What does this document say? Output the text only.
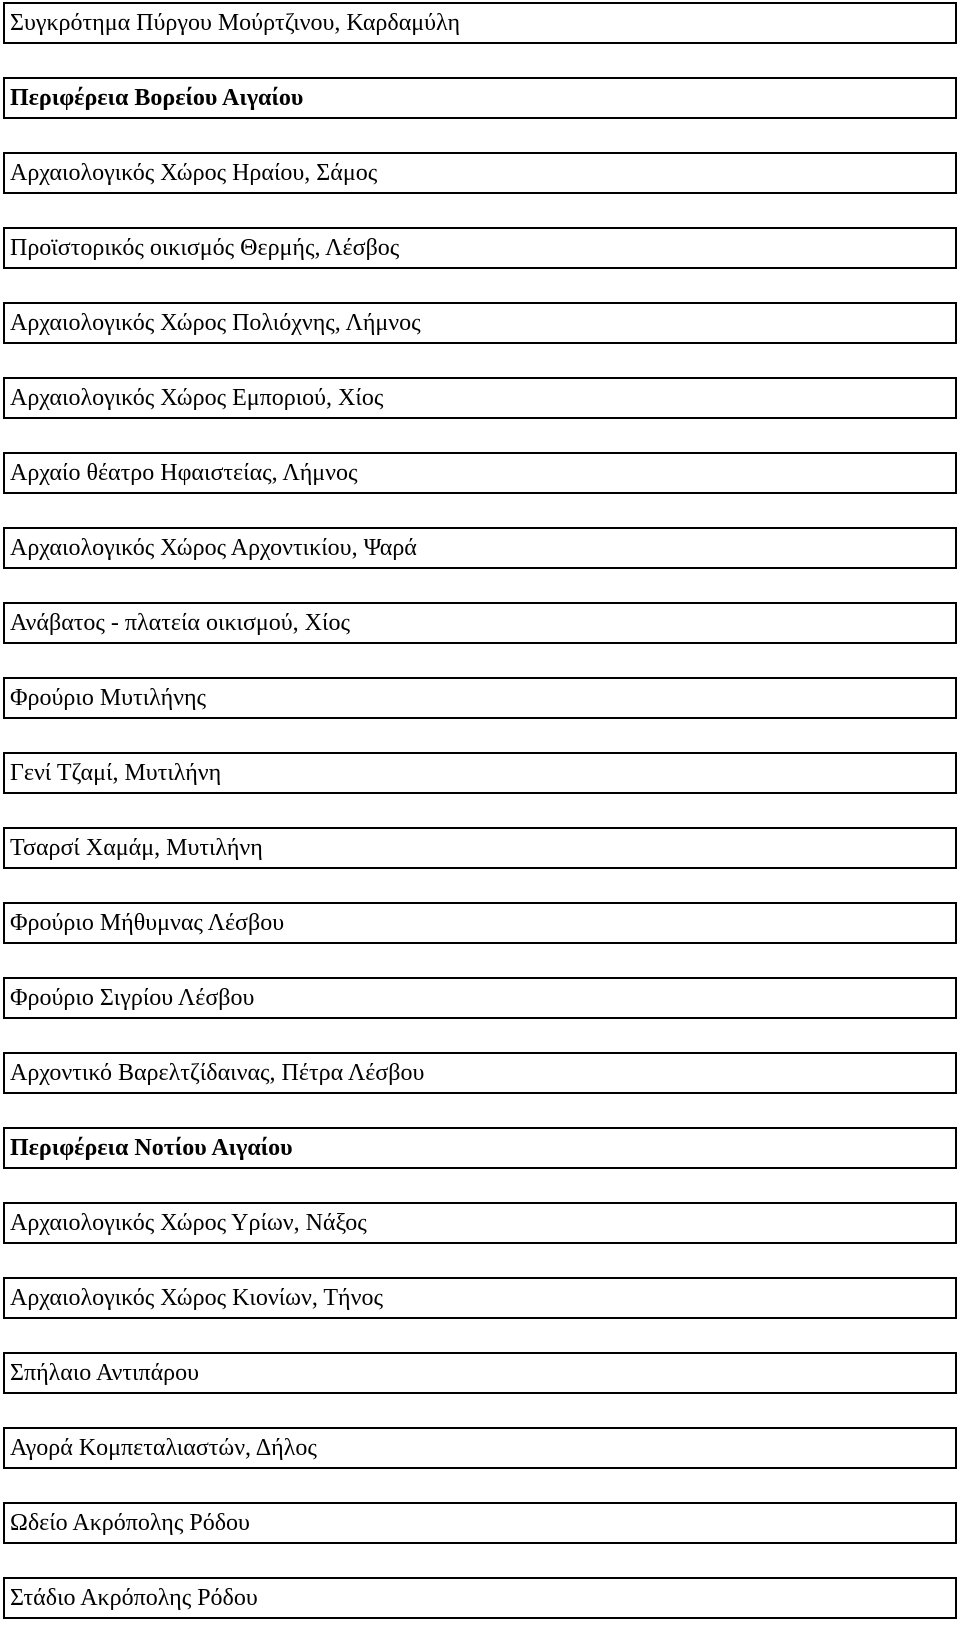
Συγκρότημα Πύργου Μούρτζινου, Καρδαμύλη
Περιφέρεια Βορείου Αιγαίου
Αρχαιολογικός Χώρος Ηραίου, Σάμος
Προϊστορικός οικισμός Θερμής, Λέσβος
Αρχαιολογικός Χώρος Πολιόχνης, Λήμνος
Αρχαιολογικός Χώρος Εμποριού, Χίος
Αρχαίο θέατρο Ηφαιστείας, Λήμνος
Αρχαιολογικός Χώρος Αρχοντικίου, Ψαρά
Ανάβατος - πλατεία οικισμού, Χίος
Φρούριο Μυτιλήνης
Γενί Τζαμί, Μυτιλήνη
Τσαρσί Χαμάμ, Μυτιλήνη
Φρούριο Μήθυμνας Λέσβου
Φρούριο Σιγρίου Λέσβου
Αρχοντικό Βαρελτζίδαινας, Πέτρα Λέσβου
Περιφέρεια Νοτίου Αιγαίου
Αρχαιολογικός Χώρος Υρίων, Νάξος
Αρχαιολογικός Χώρος Κιονίων, Τήνος
Σπήλαιο Αντιπάρου
Αγορά Κομπεταλιαστών, Δήλος
Ωδείο Ακρόπολης Ρόδου
Στάδιο Ακρόπολης Ρόδου
